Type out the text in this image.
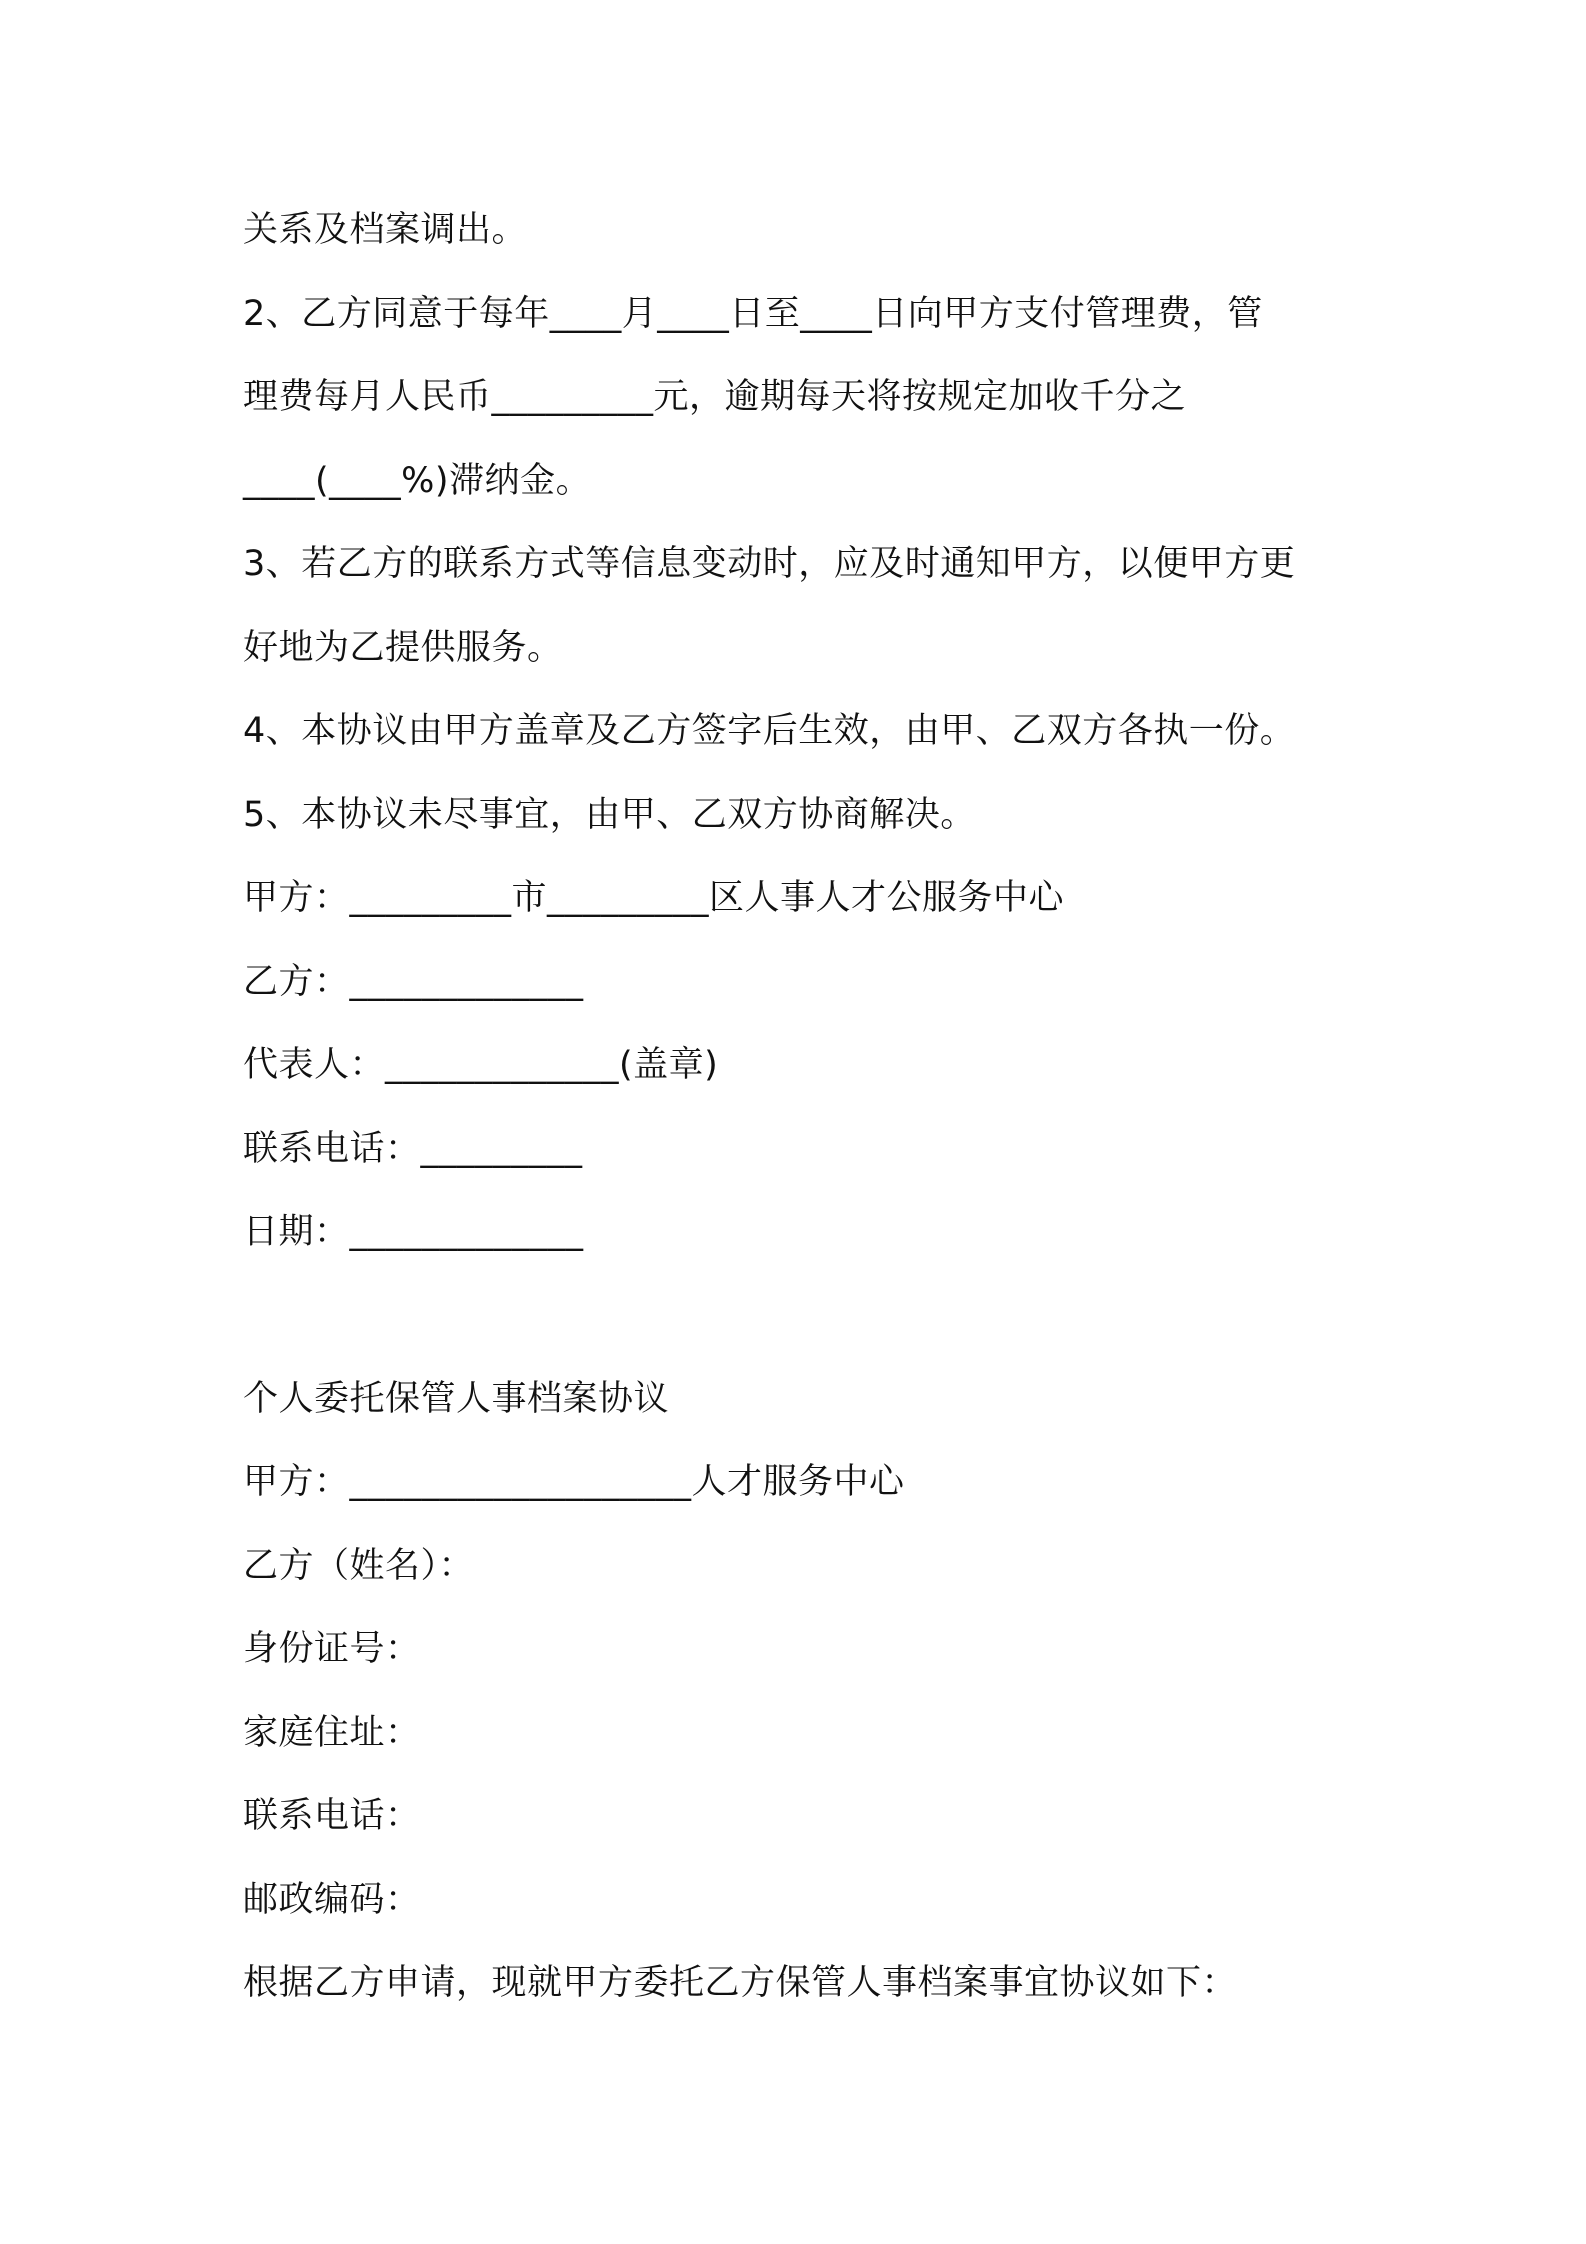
关系及档案调出。
2、乙方同意于每年____月____日至____日向甲方支付管理费，管
理费每月人民币_________元，逾期每天将按规定加收千分之
____(____%)滞纳金。
3、若乙方的联系方式等信息变动时，应及时通知甲方，以便甲方更
好地为乙提供服务。
4、本协议由甲方盖章及乙方签字后生效，由甲、乙双方各执一份。
5、本协议未尽事宜，由甲、乙双方协商解决。
甲方：_________市_________区人事人才公服务中心
乙方：_____________
代表人：_____________(盖章)
联系电话：_________
日期：_____________
个人委托保管人事档案协议
甲方：___________________人才服务中心
乙方（姓名）：
身份证号：
家庭住址：
联系电话：
邮政编码：
根据乙方申请，现就甲方委托乙方保管人事档案事宜协议如下：
